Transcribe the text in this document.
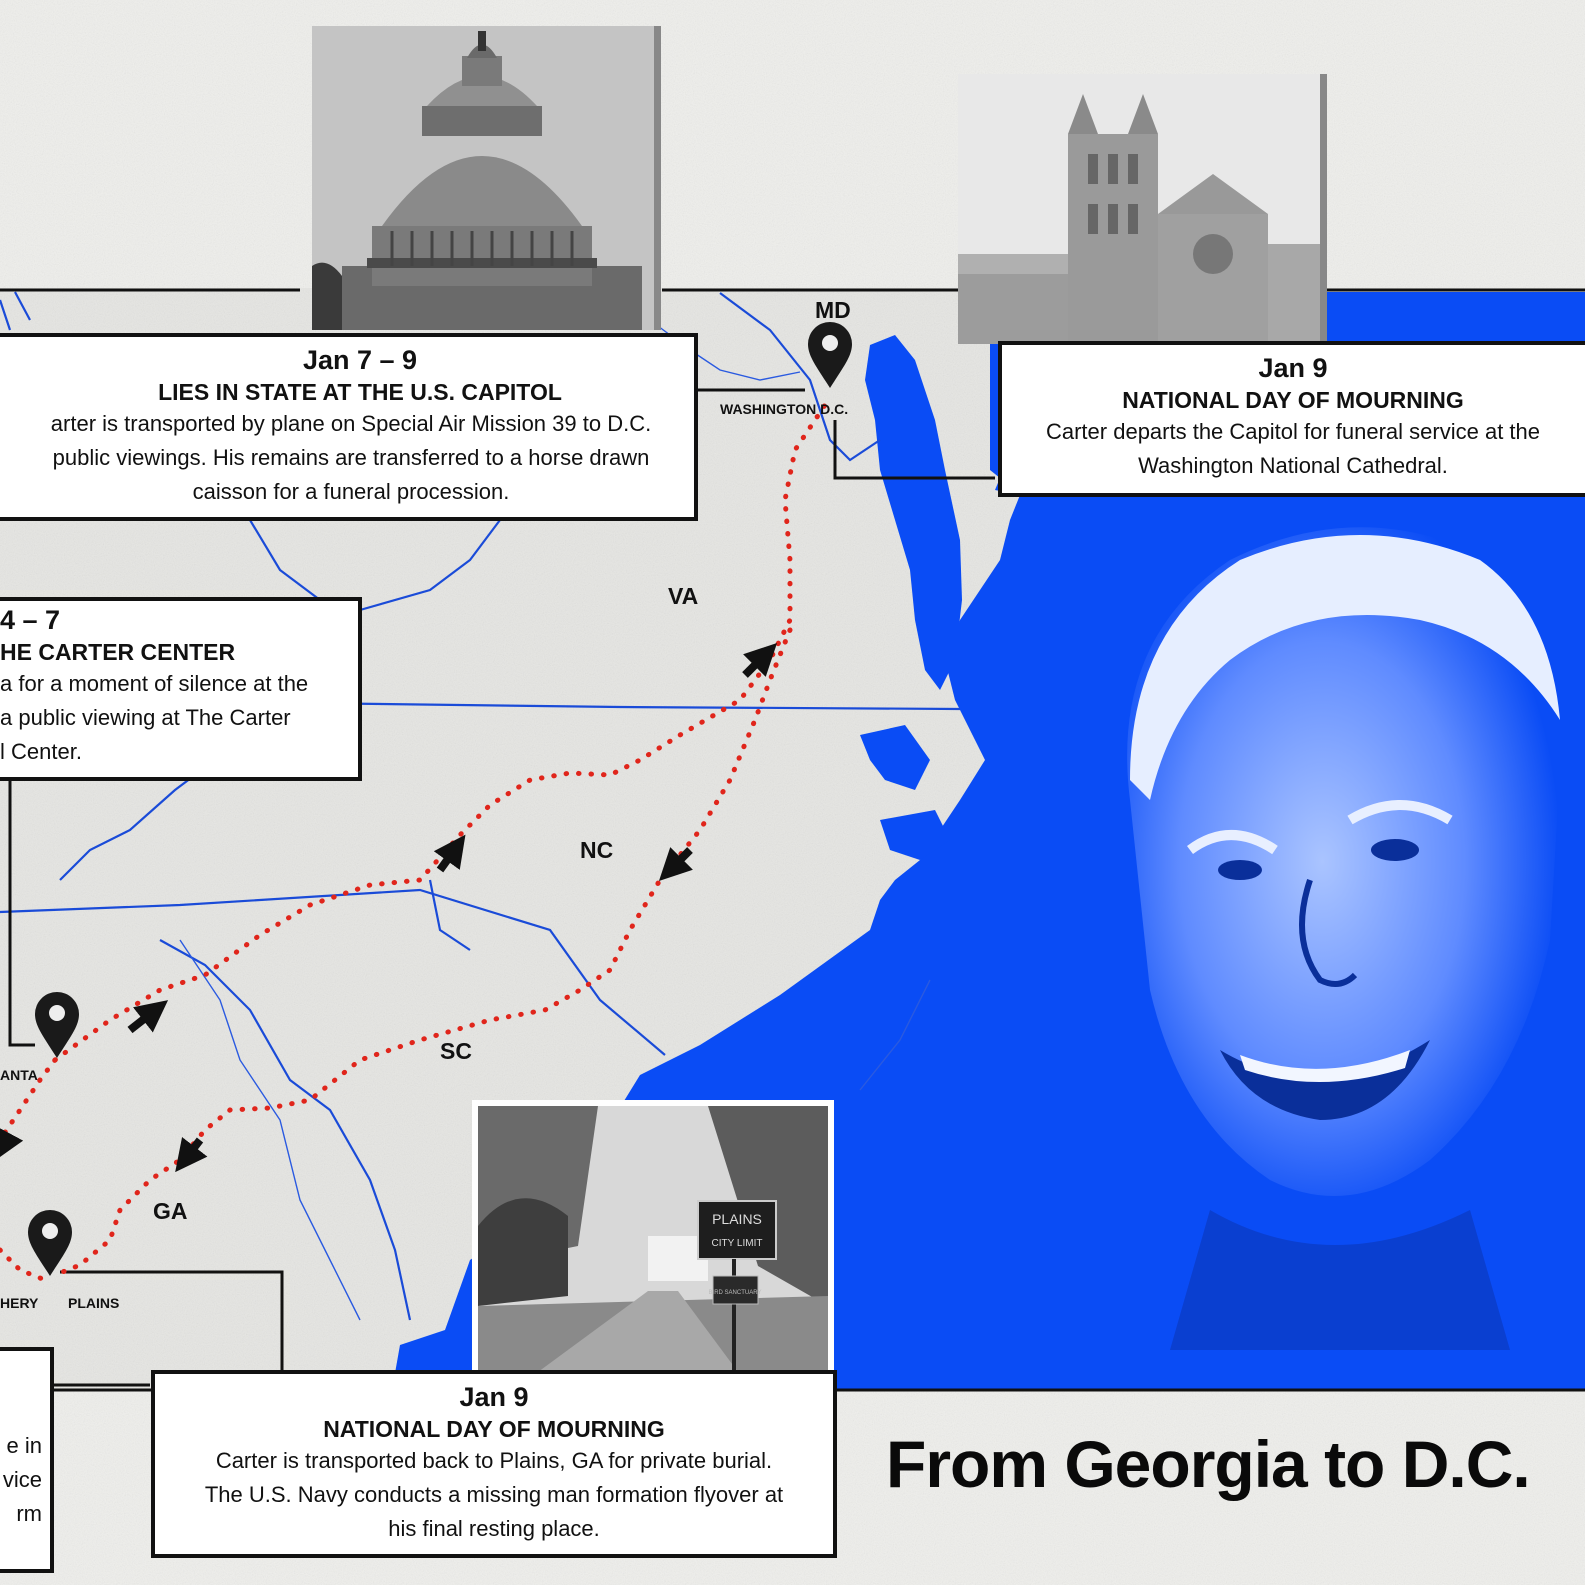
PLAINS
CITY LIMIT
BIRD SANCTUARY
MD
VA
NC
SC
GA
WASHINGTON D.C.
ANTA
HERY PLAINS
Jan 7 – 9
LIES IN STATE AT THE U.S. CAPITOL
arter is transported by plane on Special Air Mission 39 to D.C.
public viewings. His remains are transferred to a horse drawn
caisson for a funeral procession.
Jan 9
NATIONAL DAY OF MOURNING
Carter departs the Capitol for funeral service at the
Washington National Cathedral.
4 – 7
HE CARTER CENTER
a for a moment of silence at the
a public viewing at The Carter
l Center.
Jan 9
NATIONAL DAY OF MOURNING
Carter is transported back to Plains, GA for private burial.
The U.S. Navy conducts a missing man formation flyover at
his final resting place.
e in
vice
rm
From Georgia to D.C.
